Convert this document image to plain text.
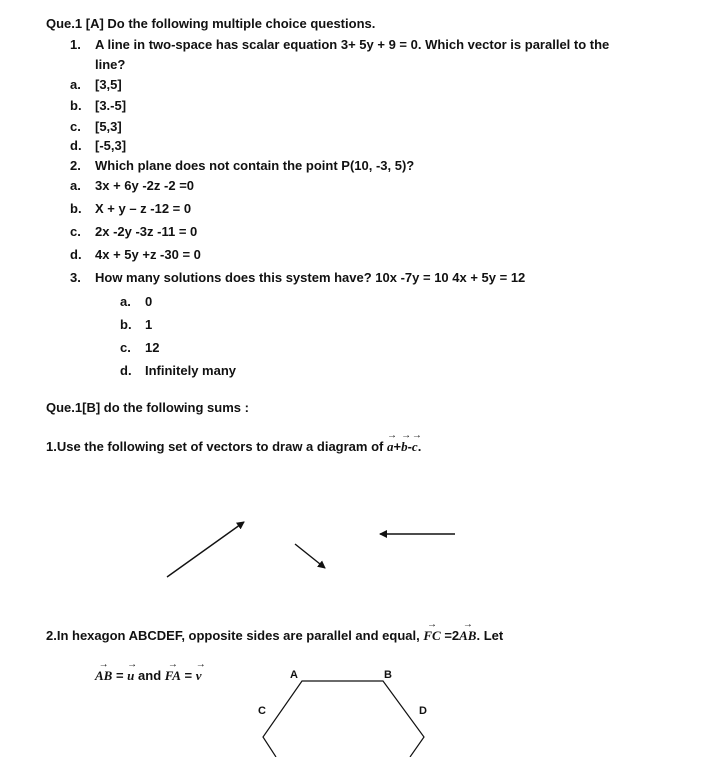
Que.1 [A] Do the following multiple choice questions.
1. A line in two-space has scalar equation 3+ 5y + 9 = 0. Which vector is parallel to the
line?
a. [3,5]
b. [3.-5]
c. [5,3]
d. [-5,3]
2. Which plane does not contain the point P(10, -3, 5)?
a. 3x + 6y -2z -2 =0
b. X + y – z -12 = 0
c. 2x -2y -3z -11 = 0
d. 4x + 5y +z -30 = 0
3. How many solutions does this system have? 10x -7y = 10 4x + 5y = 12
a. 0
b. 1
c. 12
d. Infinitely many
Que.1[B] do the following sums :
1.Use the following set of vectors to draw a diagram of → a+→ b-→ c.
2.In hexagon ABCDEF, opposite sides are parallel and equal, → FC =2→ AB. Let
→ AB = → u and → FA = → v	A	B
C	D
